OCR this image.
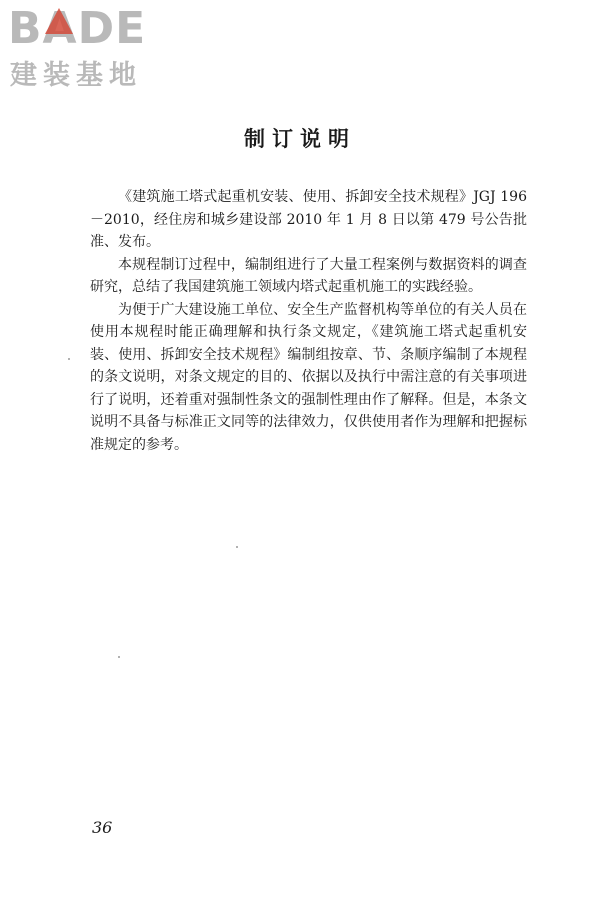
BADE
建装基地
制订说明

《建筑施工塔式起重机安装、使用、拆卸安全技术规程》JGJ 196－2010，经住房和城乡建设部 2010 年 1 月 8 日以第 479 号公告批准、发布。

本规程制订过程中，编制组进行了大量工程案例与数据资料的调查研究，总结了我国建筑施工领域内塔式起重机施工的实践经验。

为便于广大建设施工单位、安全生产监督机构等单位的有关人员在使用本规程时能正确理解和执行条文规定，《建筑施工塔式起重机安装、使用、拆卸安全技术规程》编制组按章、节、条顺序编制了本规程的条文说明，对条文规定的目的、依据以及执行中需注意的有关事项进行了说明，还着重对强制性条文的强制性理由作了解释。但是，本条文说明不具备与标准正文同等的法律效力，仅供使用者作为理解和把握标准规定的参考。

36
